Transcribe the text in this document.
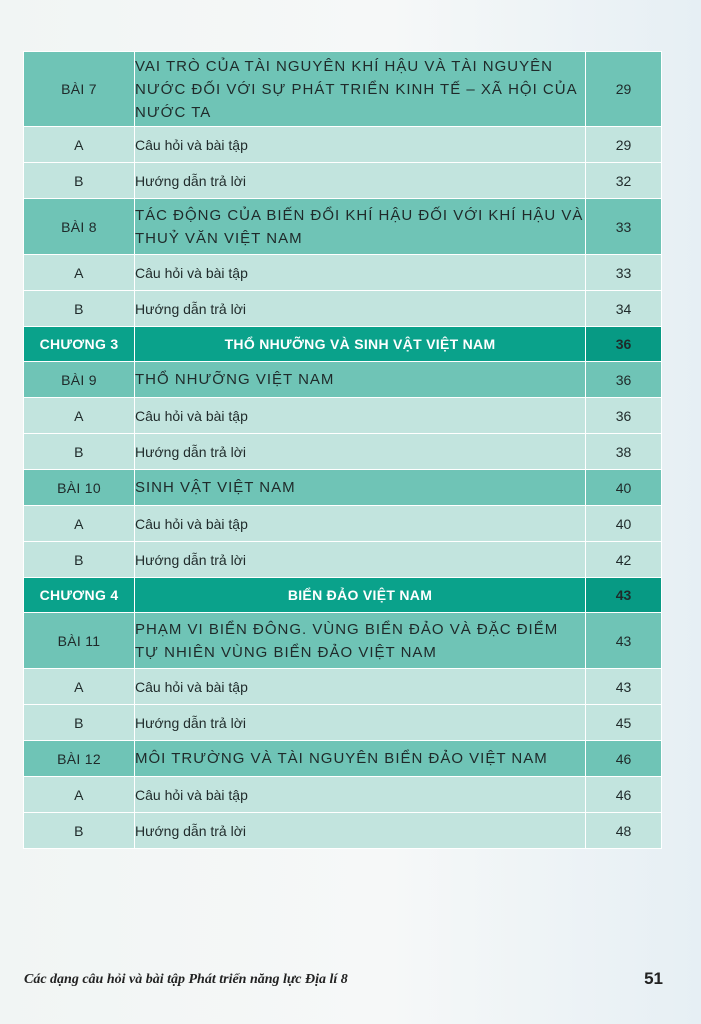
BÀI 7	VAI TRÒ CỦA TÀI NGUYÊN KHÍ HẬU VÀ TÀI NGUYÊN NƯỚC ĐỐI VỚI SỰ PHÁT TRIỂN KINH TẾ – XÃ HỘI CỦA NƯỚC TA	29
A	Câu hỏi và bài tập	29
B	Hướng dẫn trả lời	32
BÀI 8	TÁC ĐỘNG CỦA BIẾN ĐỔI KHÍ HẬU ĐỐI VỚI KHÍ HẬU VÀ THUỶ VĂN VIỆT NAM	33
A	Câu hỏi và bài tập	33
B	Hướng dẫn trả lời	34
CHƯƠNG 3	THỔ NHƯỠNG VÀ SINH VẬT VIỆT NAM	36
BÀI 9	THỔ NHƯỠNG VIỆT NAM	36
A	Câu hỏi và bài tập	36
B	Hướng dẫn trả lời	38
BÀI 10	SINH VẬT VIỆT NAM	40
A	Câu hỏi và bài tập	40
B	Hướng dẫn trả lời	42
CHƯƠNG 4	BIỂN ĐẢO VIỆT NAM	43
BÀI 11	PHẠM VI BIỂN ĐÔNG. VÙNG BIỂN ĐẢO VÀ ĐẶC ĐIỂM TỰ NHIÊN VÙNG BIỂN ĐẢO VIỆT NAM	43
A	Câu hỏi và bài tập	43
B	Hướng dẫn trả lời	45
BÀI 12	MÔI TRƯỜNG VÀ TÀI NGUYÊN BIỂN ĐẢO VIỆT NAM	46
A	Câu hỏi và bài tập	46
B	Hướng dẫn trả lời	48
Các dạng câu hỏi và bài tập Phát triển năng lực Địa lí 8	51
